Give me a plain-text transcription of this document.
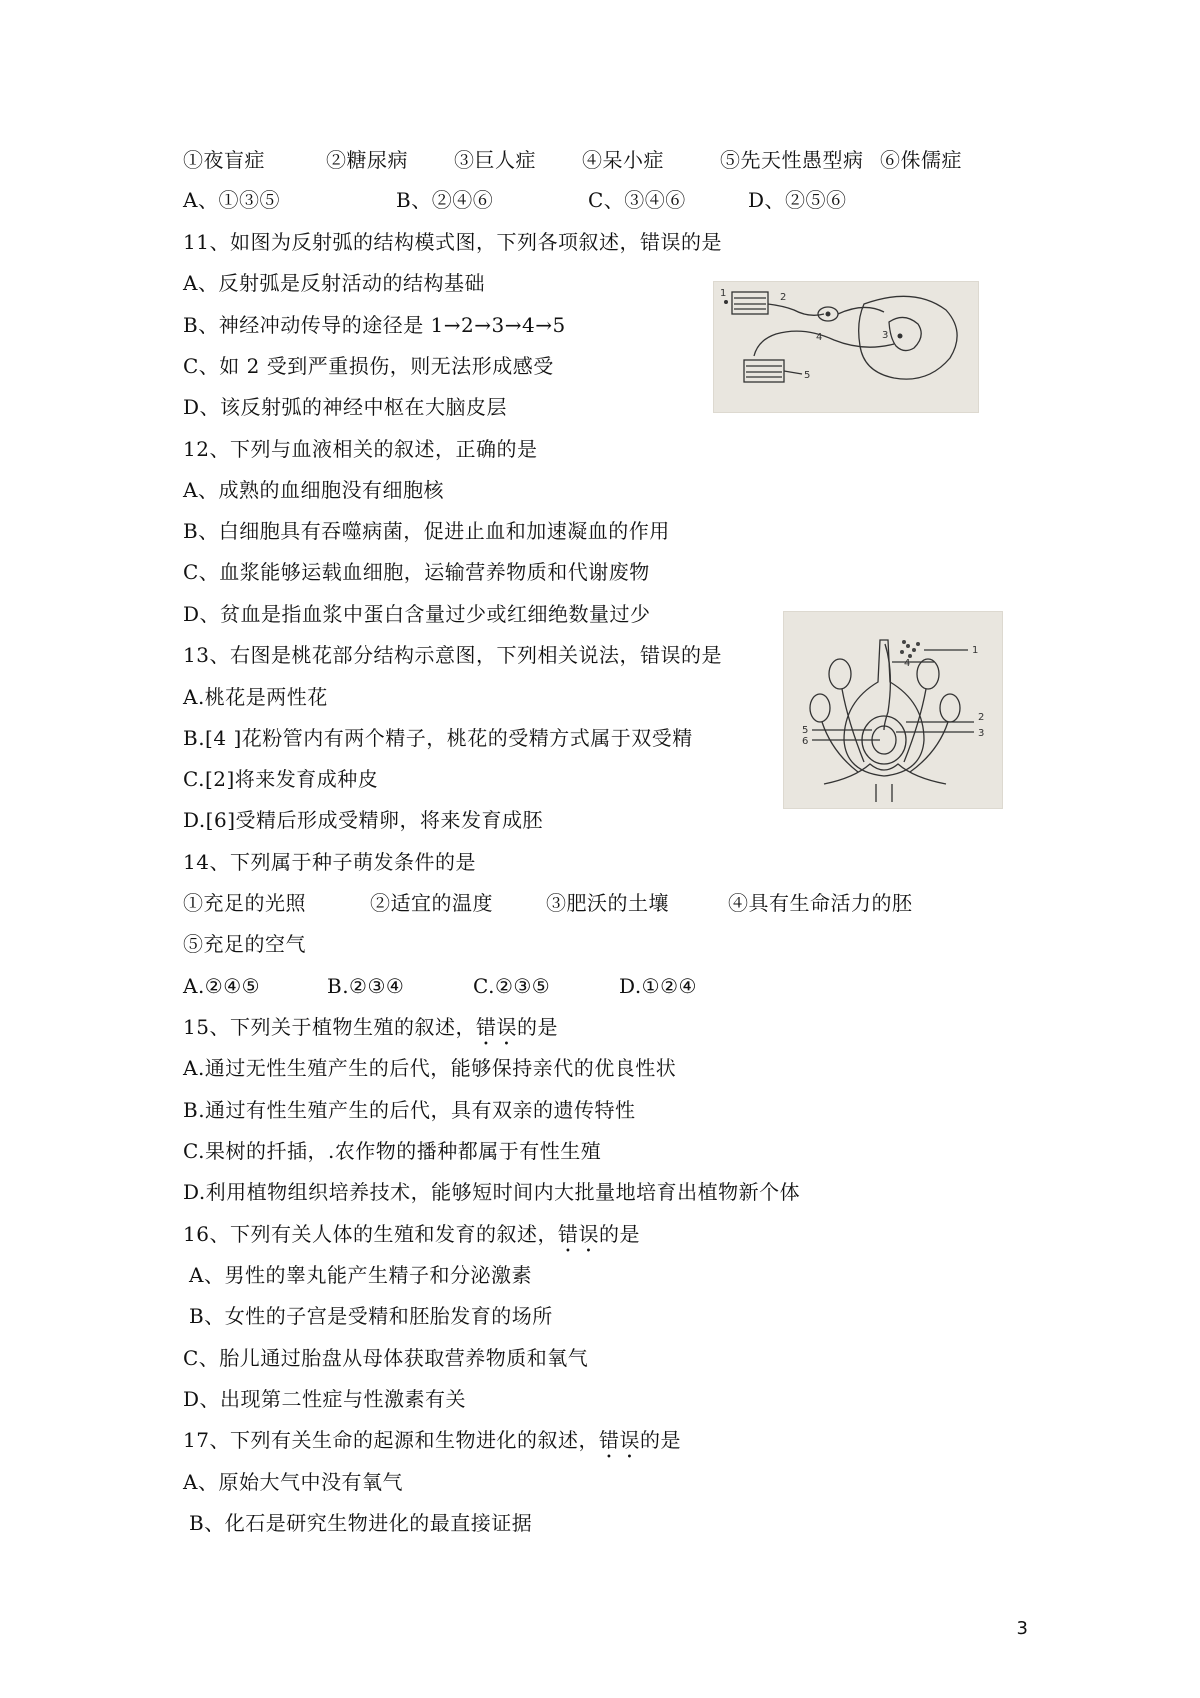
①夜盲症	②糖尿病	③巨人症	④呆小症	⑤先天性愚型病 ⑥侏儒症
A、①③⑤	B、②④⑥	C、③④⑥	D、②⑤⑥
11、如图为反射弧的结构模式图，下列各项叙述，错误的是
A、反射弧是反射活动的结构基础
B、神经冲动传导的途径是 1→2→3→4→5
C、如 2 受到严重损伤，则无法形成感受
D、该反射弧的神经中枢在大脑皮层
1	2
3
4
5
12、下列与血液相关的叙述，正确的是
A、成熟的血细胞没有细胞核
B、白细胞具有吞噬病菌，促进止血和加速凝血的作用
C、血浆能够运载血细胞，运输营养物质和代谢废物
D、贫血是指血浆中蛋白含量过少或红细绝数量过少
1
4
2
3
5
6
13、右图是桃花部分结构示意图，下列相关说法，错误的是
A.桃花是两性花
B.[4 ]花粉管内有两个精子，桃花的受精方式属于双受精
C.[2]将来发育成种皮
D.[6]受精后形成受精卵，将来发育成胚
14、下列属于种子萌发条件的是
①充足的光照	②适宜的温度	③肥沃的土壤	④具有生命活力的胚
⑤充足的空气
A.②④⑤	B.②③④	C.②③⑤	D.①②④
15、下列关于植物生殖的叙述，错误的是
A.通过无性生殖产生的后代，能够保持亲代的优良性状
B.通过有性生殖产生的后代，具有双亲的遗传特性
C.果树的扦插，.农作物的播种都属于有性生殖
D.利用植物组织培养技术，能够短时间内大批量地培育出植物新个体
16、下列有关人体的生殖和发育的叙述，错误的是
A、男性的睾丸能产生精子和分泌激素
B、女性的子宫是受精和胚胎发育的场所
C、胎儿通过胎盘从母体获取营养物质和氧气
D、出现第二性症与性激素有关
17、下列有关生命的起源和生物进化的叙述，错误的是
A、原始大气中没有氧气
B、化石是研究生物进化的最直接证据
3
